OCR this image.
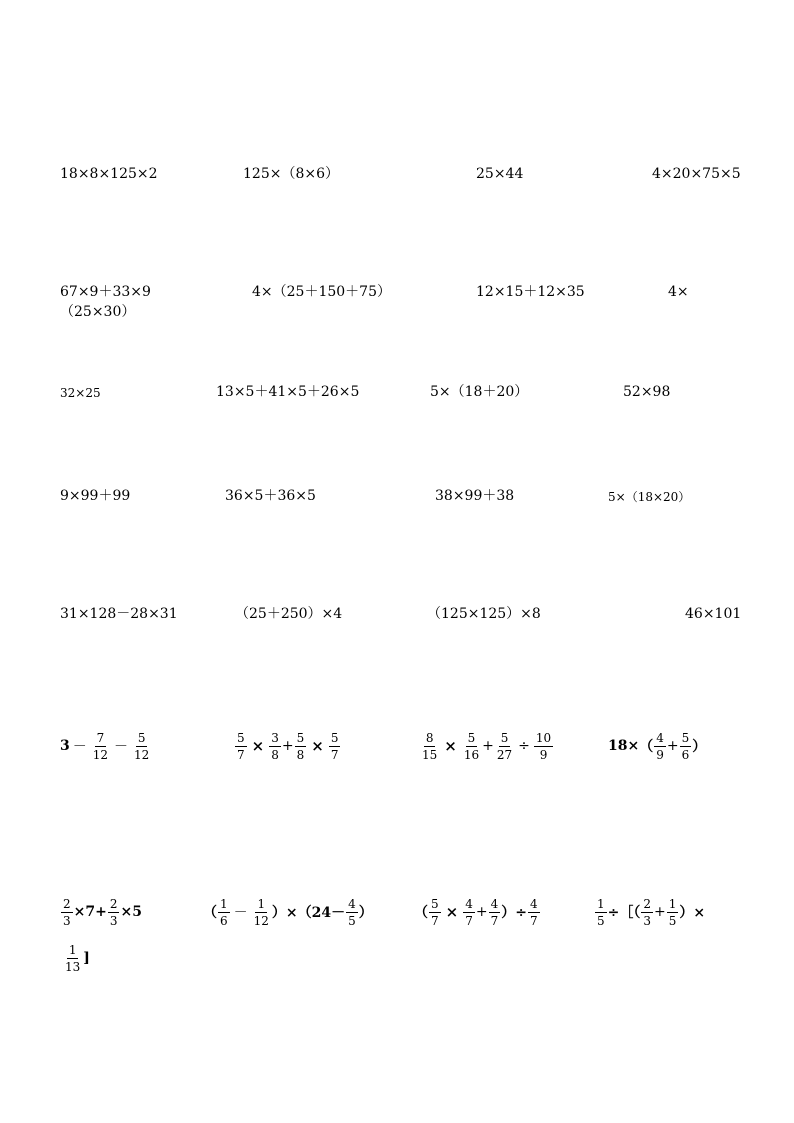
18×8×125×2	125×（8×6）	25×44	4×20×75×5
67×9＋33×9	4×（25＋150＋75）	12×15＋12×35	4×
（25×30）
32×25	13×5＋41×5＋26×5	5×（18＋20）	52×98
9×99＋99	36×5＋36×5	38×99＋38	5×（18×20）
31×128－28×31	（25＋250）×4	（125×125）×8	46×101
$3 - \frac{7}{12} - \frac{5}{12}$	$\frac{5}{7} \times \frac{3}{8} + \frac{5}{8} \times \frac{5}{7}$	$\frac{8}{15} \times \frac{5}{16} + \frac{5}{27} \div \frac{10}{9}$	18× （ $\frac{4}{9} + \frac{5}{6}$ ）
$\frac{2}{3} \times 7+ \frac{2}{3} \times 5$	（ $\frac{1}{6} - \frac{1}{12} )\times(24- \frac{4}{5}$ ）	（ $\frac{5}{7} \times \frac{4}{7} + \frac{4}{7}$ ）÷ $\frac{4}{7}$	$\frac{1}{5}$ ÷［（ $\frac{2}{3} + \frac{1}{5}$ ）×
$\frac{1}{13}$ ]
